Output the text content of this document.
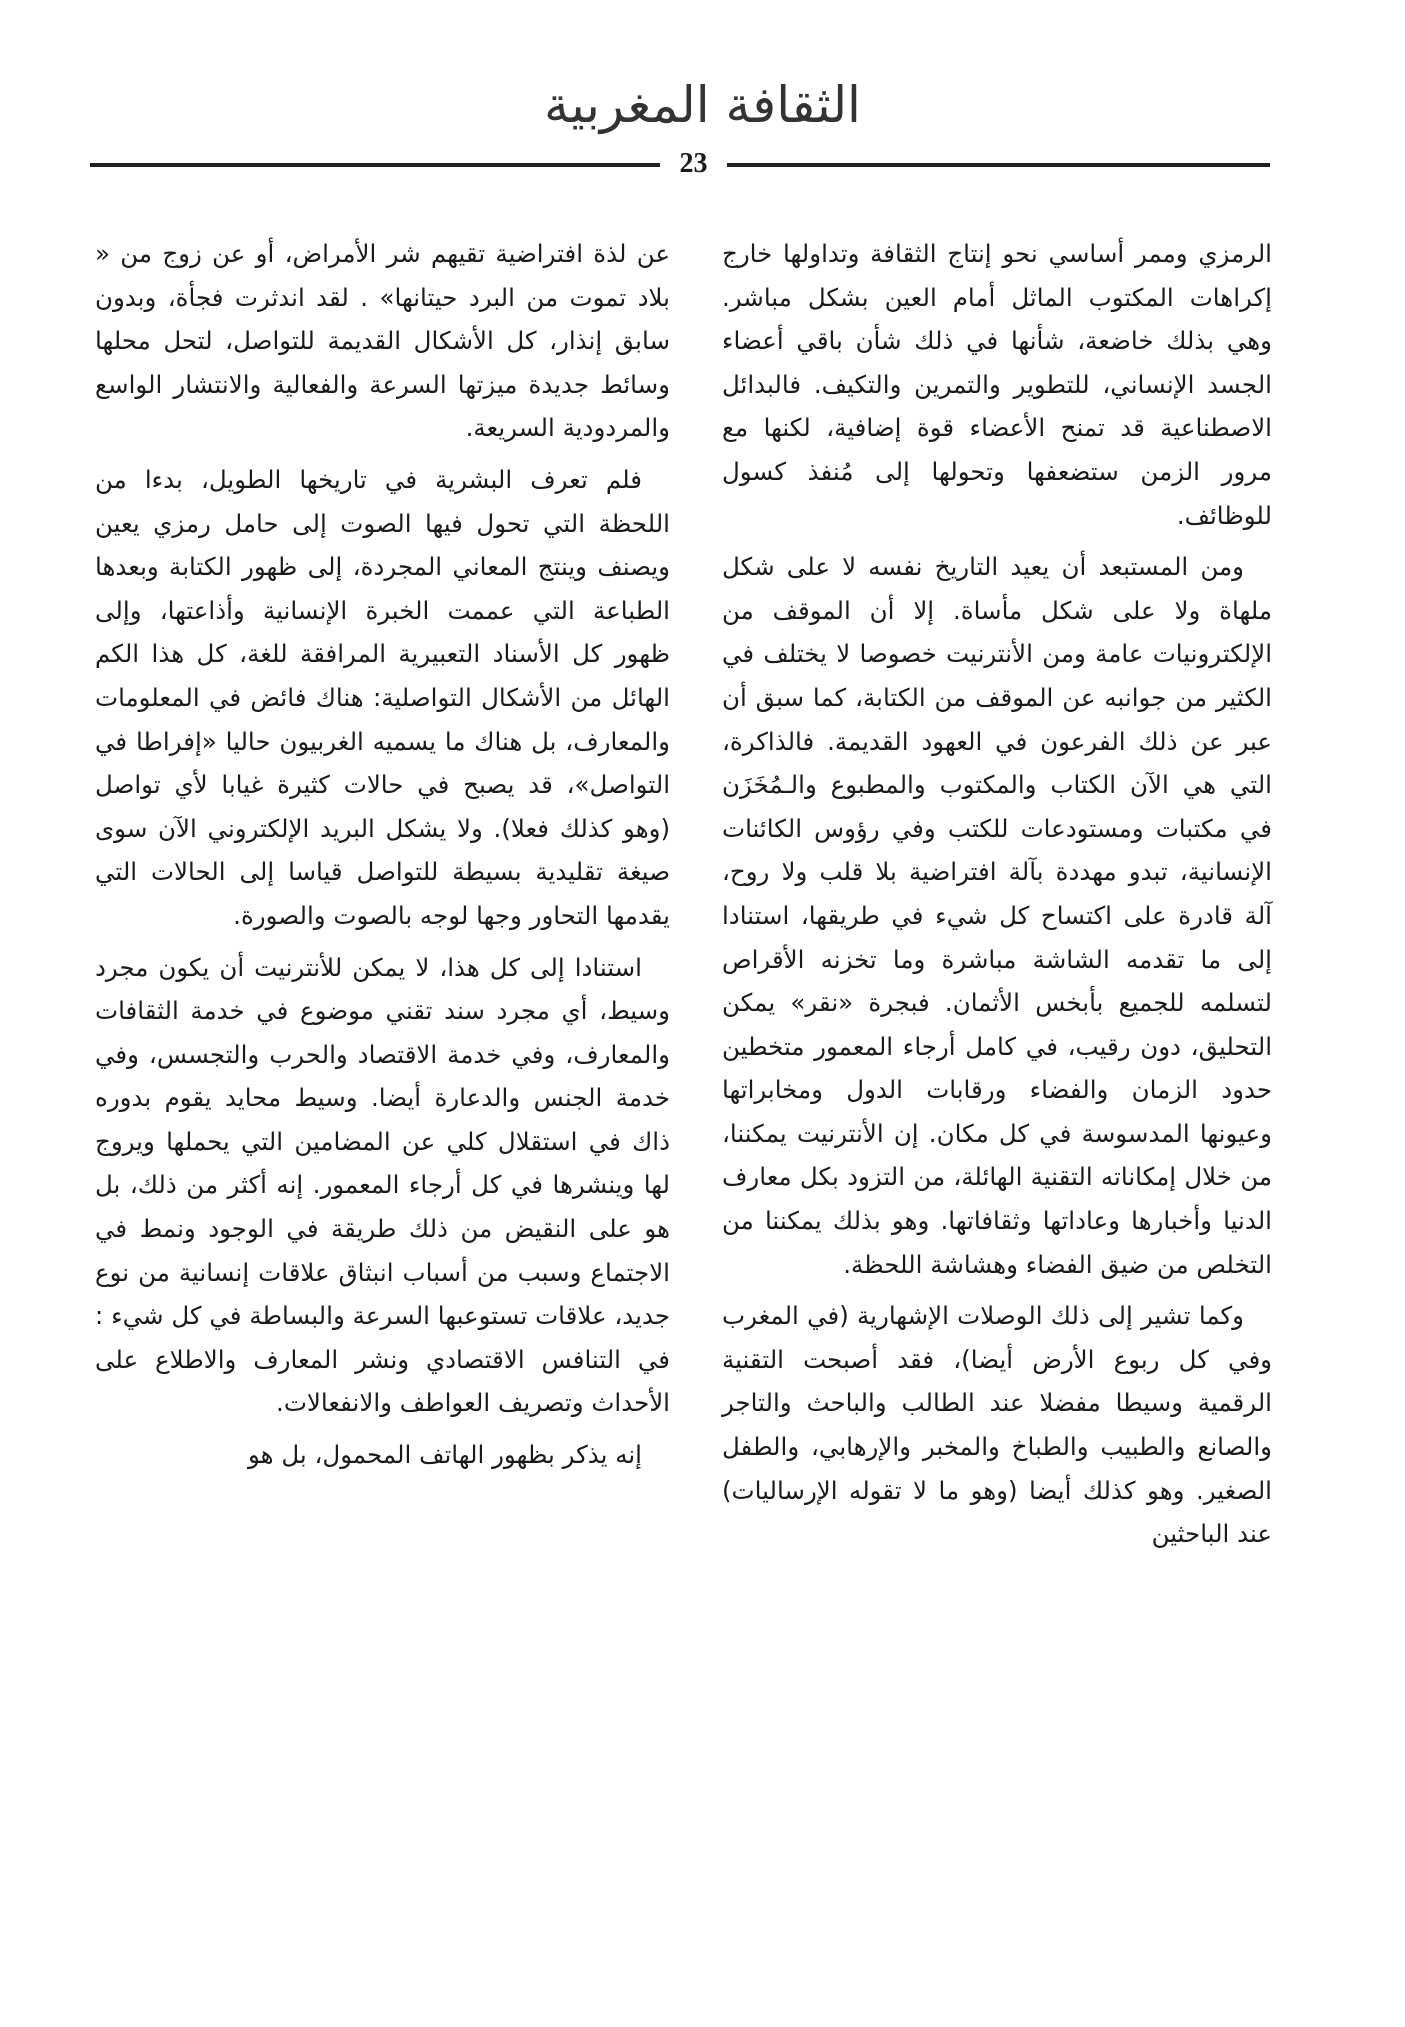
الثقافة المغربية
23

الرمزي وممر أساسي نحو إنتاج الثقافة وتداولها خارج إكراهات المكتوب الماثل أمام العين بشكل مباشر. وهي بذلك خاضعة، شأنها في ذلك شأن باقي أعضاء الجسد الإنساني، للتطوير والتمرين والتكيف. فالبدائل الاصطناعية قد تمنح الأعضاء قوة إضافية، لكنها مع مرور الزمن ستضعفها وتحولها إلى مُنفذ كسول للوظائف.

ومن المستبعد أن يعيد التاريخ نفسه لا على شكل ملهاة ولا على شكل مأساة. إلا أن الموقف من الإلكترونيات عامة ومن الأنترنيت خصوصا لا يختلف في الكثير من جوانبه عن الموقف من الكتابة، كما سبق أن عبر عن ذلك الفرعون في العهود القديمة. فالذاكرة، التي هي الآن الكتاب والمكتوب والمطبوع والـمُخَزَن في مكتبات ومستودعات للكتب وفي رؤوس الكائنات الإنسانية، تبدو مهددة بآلة افتراضية بلا قلب ولا روح، آلة قادرة على اكتساح كل شيء في طريقها، استنادا إلى ما تقدمه الشاشة مباشرة وما تخزنه الأقراص لتسلمه للجميع بأبخس الأثمان. فبجرة «نقر» يمكن التحليق، دون رقيب، في كامل أرجاء المعمور متخطين حدود الزمان والفضاء ورقابات الدول ومخابراتها وعيونها المدسوسة في كل مكان. إن الأنترنيت يمكننا، من خلال إمكاناته التقنية الهائلة، من التزود بكل معارف الدنيا وأخبارها وعاداتها وثقافاتها. وهو بذلك يمكننا من التخلص من ضيق الفضاء وهشاشة اللحظة.

وكما تشير إلى ذلك الوصلات الإشهارية (في المغرب وفي كل ربوع الأرض أيضا)، فقد أصبحت التقنية الرقمية وسيطا مفضلا عند الطالب والباحث والتاجر والصانع والطبيب والطباخ والمخبر والإرهابي، والطفل الصغير. وهو كذلك أيضا (وهو ما لا تقوله الإرساليات) عند الباحثين

عن لذة افتراضية تقيهم شر الأمراض، أو عن زوج من « بلاد تموت من البرد حيتانها» . لقد اندثرت فجأة، وبدون سابق إنذار، كل الأشكال القديمة للتواصل، لتحل محلها وسائط جديدة ميزتها السرعة والفعالية والانتشار الواسع والمردودية السريعة.

فلم تعرف البشرية في تاريخها الطويل، بدءا من اللحظة التي تحول فيها الصوت إلى حامل رمزي يعين ويصنف وينتج المعاني المجردة، إلى ظهور الكتابة وبعدها الطباعة التي عممت الخبرة الإنسانية وأذاعتها، وإلى ظهور كل الأسناد التعبيرية المرافقة للغة، كل هذا الكم الهائل من الأشكال التواصلية: هناك فائض في المعلومات والمعارف، بل هناك ما يسميه الغربيون حاليا «إفراطا في التواصل»، قد يصبح في حالات كثيرة غيابا لأي تواصل (وهو كذلك فعلا). ولا يشكل البريد الإلكتروني الآن سوى صيغة تقليدية بسيطة للتواصل قياسا إلى الحالات التي يقدمها التحاور وجها لوجه بالصوت والصورة.

استنادا إلى كل هذا، لا يمكن للأنترنيت أن يكون مجرد وسيط، أي مجرد سند تقني موضوع في خدمة الثقافات والمعارف، وفي خدمة الاقتصاد والحرب والتجسس، وفي خدمة الجنس والدعارة أيضا. وسيط محايد يقوم بدوره ذاك في استقلال كلي عن المضامين التي يحملها ويروج لها وينشرها في كل أرجاء المعمور. إنه أكثر من ذلك، بل هو على النقيض من ذلك طريقة في الوجود ونمط في الاجتماع وسبب من أسباب انبثاق علاقات إنسانية من نوع جديد، علاقات تستوعبها السرعة والبساطة في كل شيء : في التنافس الاقتصادي ونشر المعارف والاطلاع على الأحداث وتصريف العواطف والانفعالات.

إنه يذكر بظهور الهاتف المحمول، بل هو
